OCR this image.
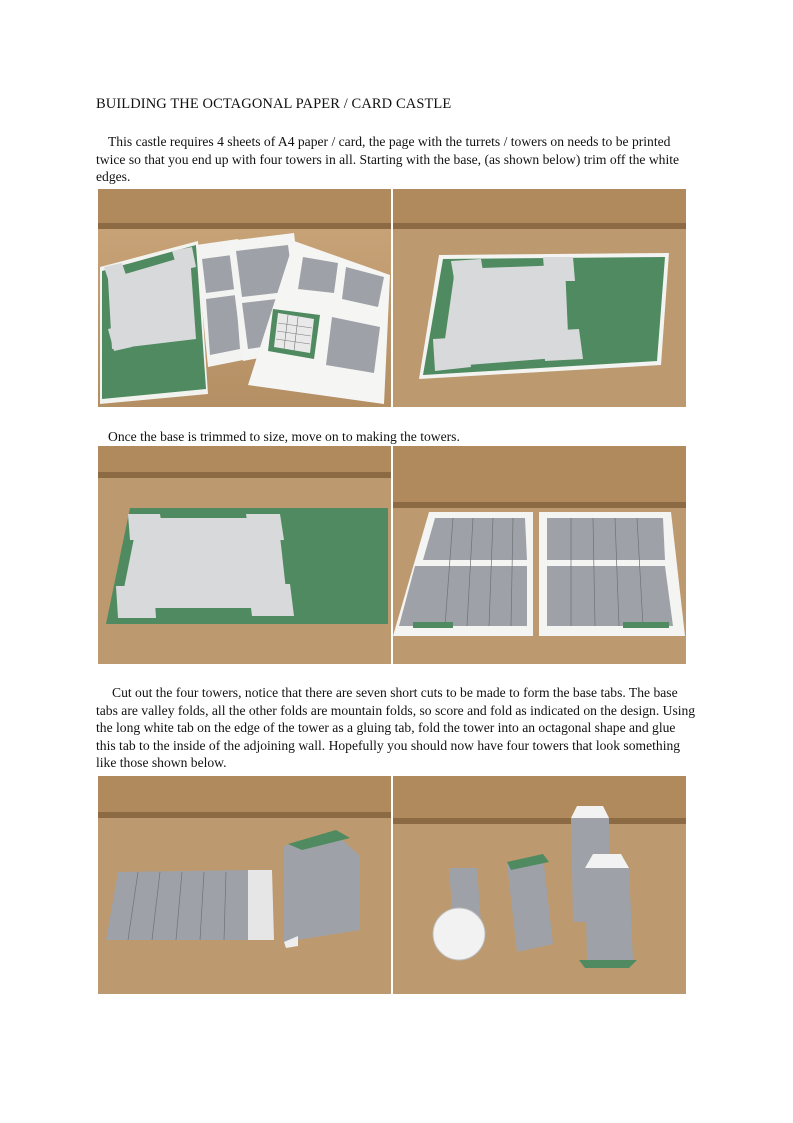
BUILDING THE OCTAGONAL PAPER / CARD CASTLE
This castle requires 4 sheets of A4 paper / card, the page with the turrets / towers on needs to be printed twice so that you end up with four towers in all. Starting with the base, (as shown below) trim off the white edges.
Once the base is trimmed to size, move on to making the towers.
Cut out the four towers, notice that there are seven short cuts to be made to form the base tabs. The base tabs are valley folds, all the other folds are mountain folds, so score and fold as indicated on the design. Using the long white tab on the edge of the tower as a gluing tab, fold the tower into an octagonal shape and glue this tab to the inside of the adjoining wall. Hopefully you should now have four towers that look something like those shown below.
